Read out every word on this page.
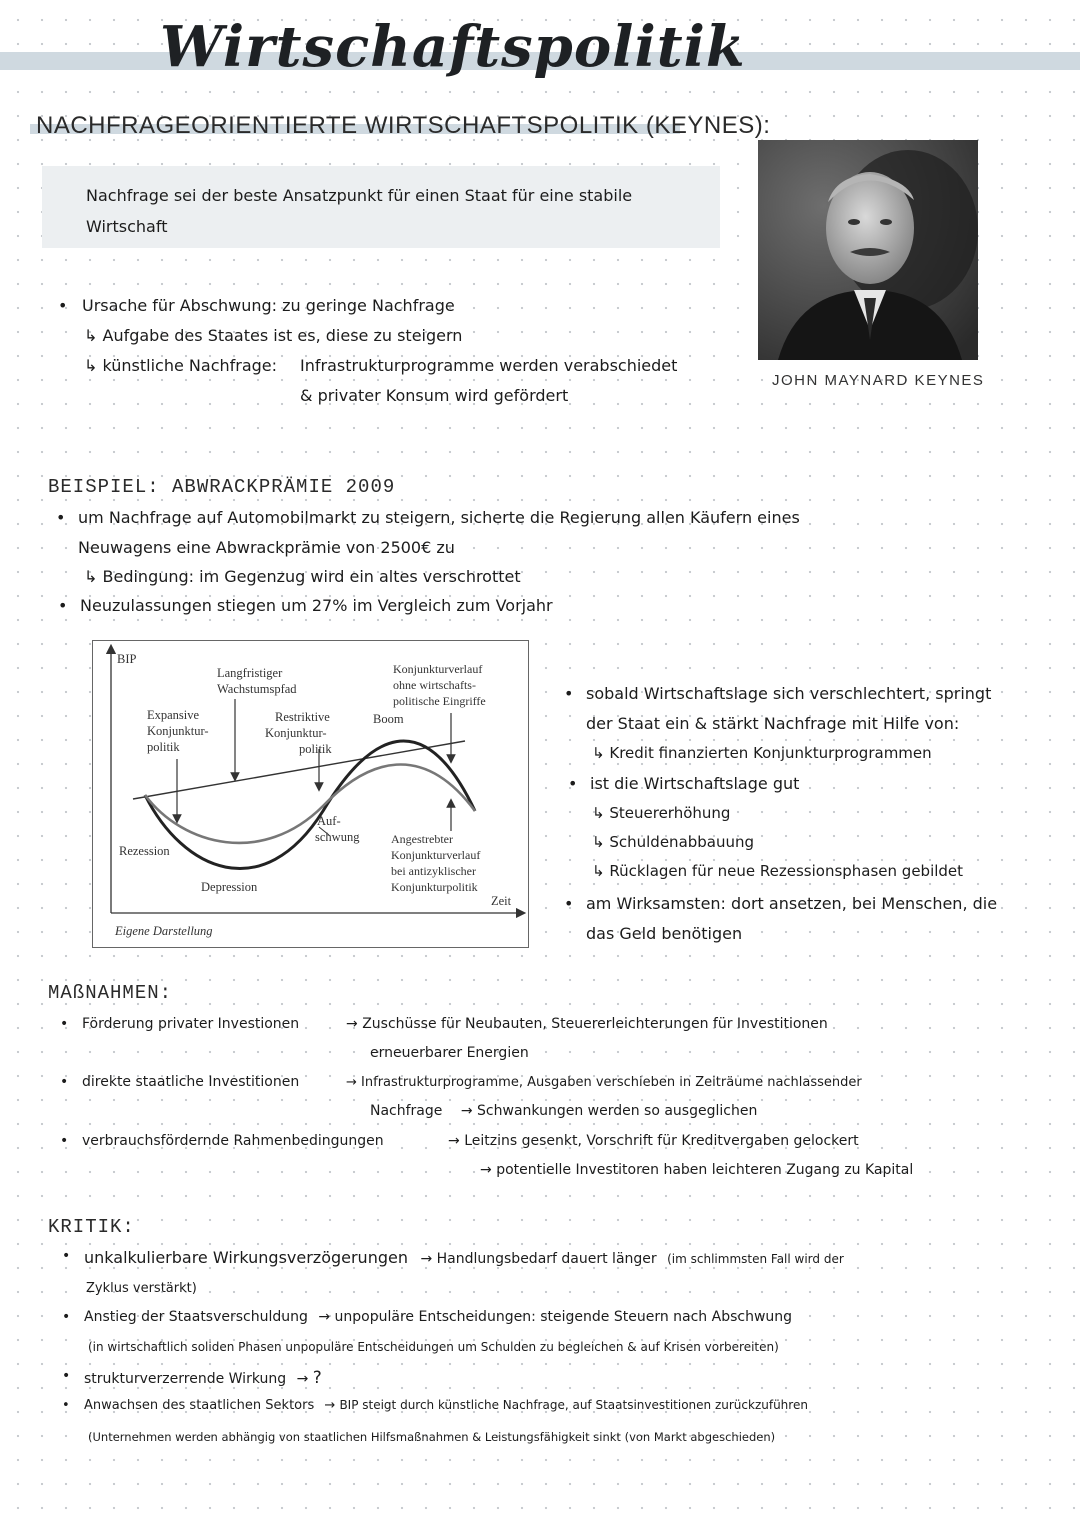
Wirtschaftspolitik
NACHFRAGEORIENTIERTE WIRTSCHAFTSPOLITIK (KEYNES):
Nachfrage sei der beste Ansatzpunkt für einen Staat für eine stabile Wirtschaft
JOHN MAYNARD KEYNES
• Ursache für Abschwung: zu geringe Nachfrage
↳ Aufgabe des Staates ist es, diese zu steigern
↳ künstliche Nachfrage: Infrastrukturprogramme werden verabschiedet
& privater Konsum wird gefördert
BEISPIEL: ABWRACKPRÄMIE 2009
• um Nachfrage auf Automobilmarkt zu steigern, sicherte die Regierung allen Käufern eines
Neuwagens eine Abwrackprämie von 2500€ zu
↳ Bedingung: im Gegenzug wird ein altes verschrottet
• Neuzulassungen stiegen um 27% im Vergleich zum Vorjahr
BIP
Zeit
Langfristiger
Wachstumspfad
Konjunkturverlauf
ohne wirtschafts-
politische Eingriffe
Expansive
Konjunktur-
politik
Restriktive
Konjunktur-
politik
Boom
Auf-
schwung
Rezession
Depression
Angestrebter
Konjunkturverlauf
bei antizyklischer
Konjunkturpolitik
Eigene Darstellung
• sobald Wirtschaftslage sich verschlechtert, springt
der Staat ein & stärkt Nachfrage mit Hilfe von:
↳ Kredit finanzierten Konjunkturprogrammen
• ist die Wirtschaftslage gut
↳ Steuererhöhung
↳ Schuldenabbauung
↳ Rücklagen für neue Rezessionsphasen gebildet
• am Wirksamsten: dort ansetzen, bei Menschen, die
das Geld benötigen
MAßNAHMEN:
• Förderung privater Investionen	→ Zuschüsse für Neubauten, Steuererleichterungen für Investitionen
erneuerbarer Energien
• direkte staatliche Investitionen	→ Infrastrukturprogramme, Ausgaben verschieben in Zeiträume nachlassender
Nachfrage → Schwankungen werden so ausgeglichen
• verbrauchsfördernde Rahmenbedingungen	→ Leitzins gesenkt, Vorschrift für Kreditvergaben gelockert
→ potentielle Investitoren haben leichteren Zugang zu Kapital
KRITIK:
• unkalkulierbare Wirkungsverzögerungen → Handlungsbedarf dauert länger (im schlimmsten Fall wird der
Zyklus verstärkt)
• Anstieg der Staatsverschuldung → unpopuläre Entscheidungen: steigende Steuern nach Abschwung
(in wirtschaftlich soliden Phasen unpopuläre Entscheidungen um Schulden zu begleichen & auf Krisen vorbereiten)
• strukturverzerrende Wirkung → ?
• Anwachsen des staatlichen Sektors → BIP steigt durch künstliche Nachfrage, auf Staatsinvestitionen zurückzuführen
(Unternehmen werden abhängig von staatlichen Hilfsmaßnahmen & Leistungsfähigkeit sinkt (von Markt abgeschieden)
